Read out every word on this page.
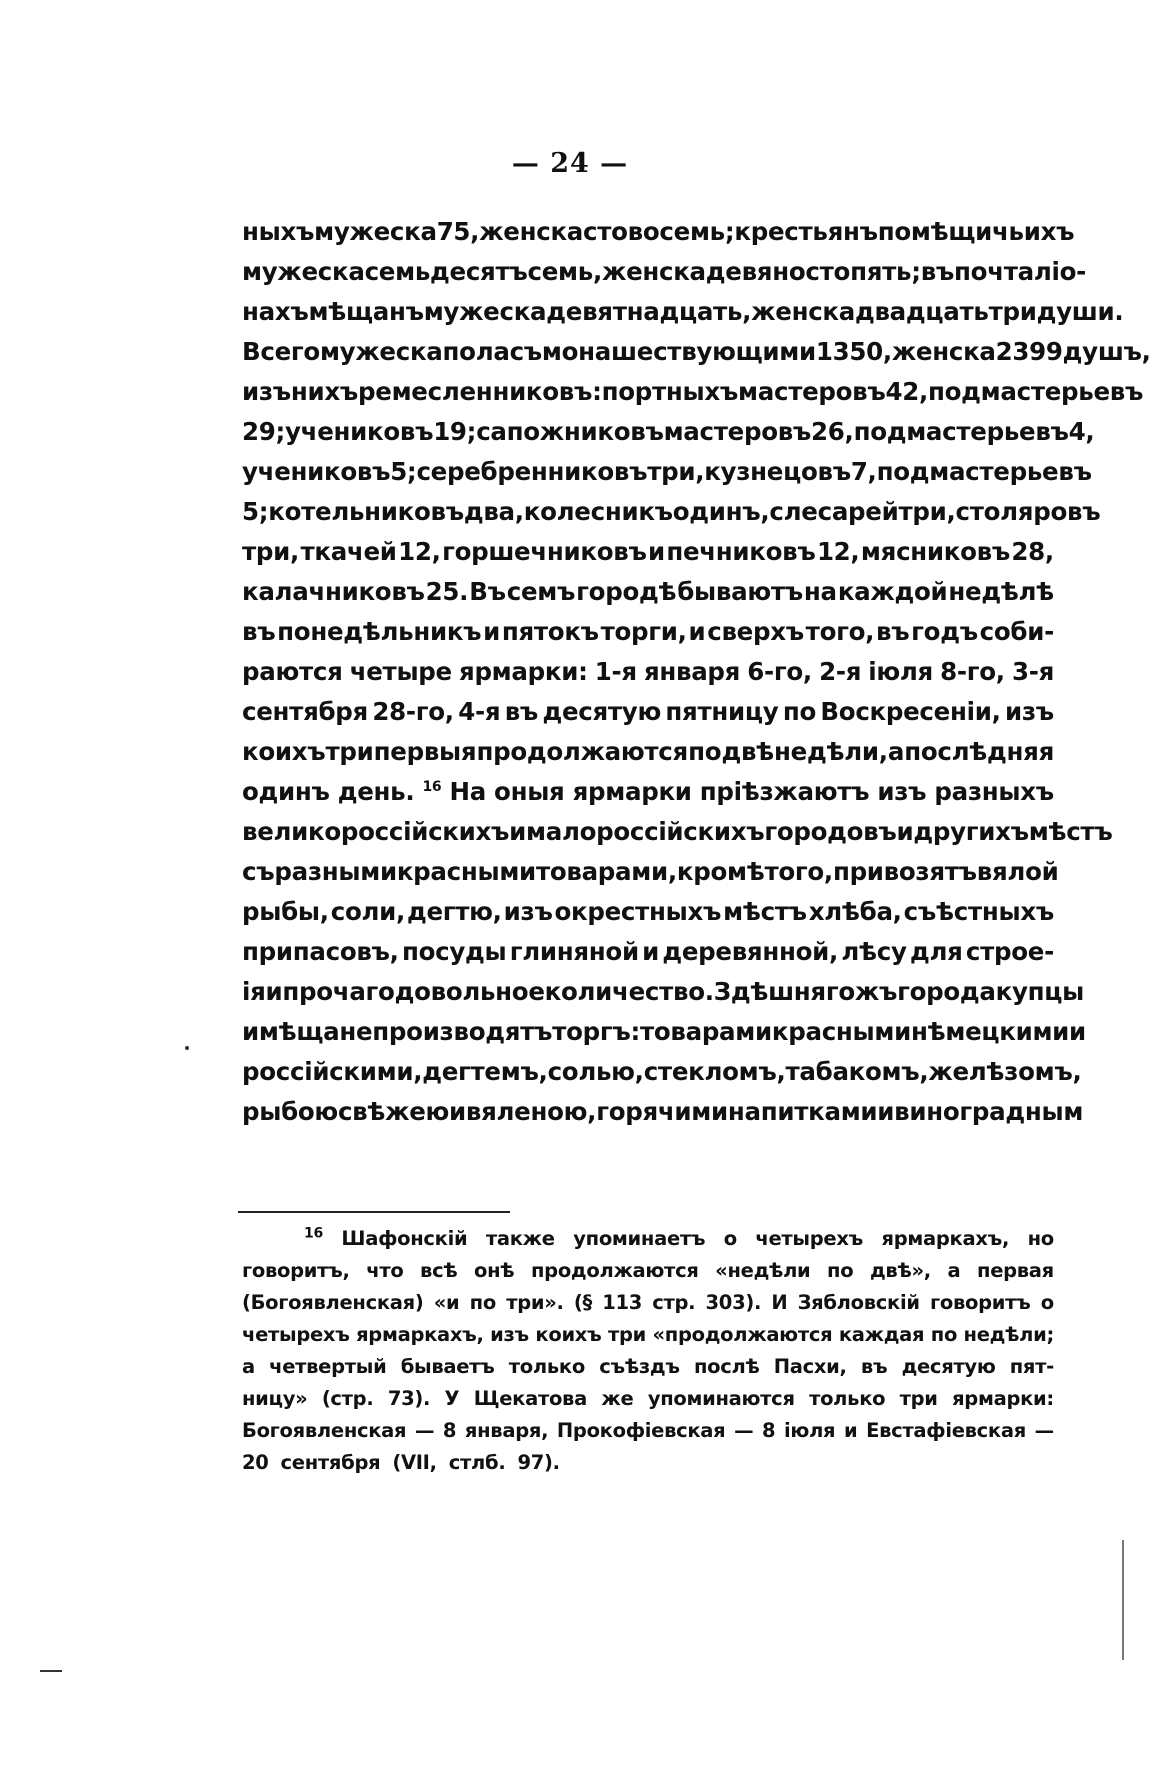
— 24 —
ныхъ мужеска 75, женска сто восемь; крестьянъ помѣщичьихъ
мужеска семьдесятъ семь, женска девяносто пять; въ почталіо-
нахъ мѣщанъ мужеска девятнадцать, женска двадцать три души.
Всего мужеска пола съ монашествующими 1350, женска 2399 душъ,
изъ нихъ ремесленниковъ: портныхъ мастеровъ 42, подмастерьевъ
29; учениковъ 19; сапожниковъ мастеровъ 26, подмастерьевъ 4,
учениковъ 5; серебренниковъ три, кузнецовъ 7, подмастерьевъ
5; котельниковъ два, колесникъ одинъ, слесарей три, столяровъ
три, ткачей 12, горшечниковъ и печниковъ 12, мясниковъ 28,
калачниковъ 25. Въ семъ городѣ бываютъ на каждой недѣлѣ
въ понедѣльникъ и пятокъ торги, и сверхъ того, въ годъ соби-
раются четыре ярмарки: 1-я января 6-го, 2-я іюля 8-го, 3-я
сентября 28-го, 4-я въ десятую пятницу по Воскресеніи, изъ
коихъ три первыя продолжаются по двѣ недѣли, а послѣдняя
одинъ день. $^{16}$ На оныя ярмарки пріѣзжаютъ изъ разныхъ
великороссійскихъ и малороссійскихъ городовъ и другихъ мѣстъ
съ разными красными товарами, кромѣ того, привозятъ вялой
рыбы, соли, дегтю, изъ окрестныхъ мѣстъ хлѣба, съѣстныхъ
припасовъ, посуды глиняной и деревянной, лѣсу для строе-
ія и прочаго довольное количество. Здѣшняго жъ города купцы
и мѣщане производятъ торгъ: товарами красными нѣмецкими и
россійскими, дегтемъ, солью, стекломъ, табакомъ, желѣзомъ,
рыбою свѣжею и вяленою, горячими напитками и виноградным
$^{16}$ Шафонскій также упоминаетъ о четырехъ ярмаркахъ, но
говоритъ, что всѣ онѣ продолжаются «недѣли по двѣ», а первая
(Богоявленская) «и по три». (§ 113 стр. 303). И Зябловскій говоритъ о
четырехъ ярмаркахъ, изъ коихъ три «продолжаются каждая по недѣли;
а четвертый бываетъ только съѣздъ послѣ Пасхи, въ десятую пят-
ницу» (стр. 73). У Щекатова же упоминаются только три ярмарки:
Богоявленская — 8 января, Прокофіевская — 8 іюля и Евстафіевская —
20 сентября (VII, стлб. 97).
